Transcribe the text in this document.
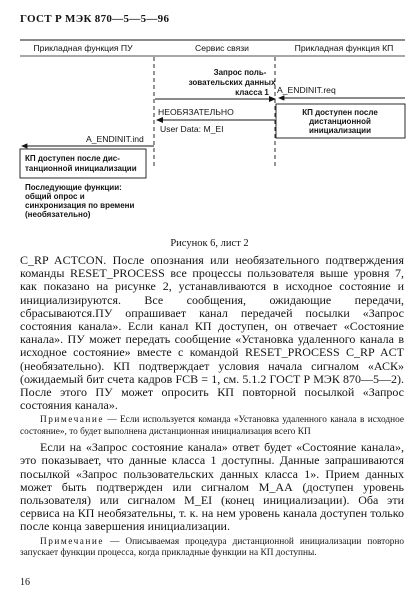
ГОСТ Р МЭК 870—5—5—96
Прикладная функция ПУ	Сервис связи	Прикладная функция КП
Запрос поль-
зовательских данных
класса 1 A_ENDINIT.req
КП доступен после
дистанционной
инициализации
НЕОБЯЗАТЕЛЬНО
User Data: M_EI
A_ENDINIT.ind
КП доступен после дис-
танционной инициализации
Последующие функции:
общий опрос и
синхронизация по времени
(необязательно)
Рисунок 6, лист 2

C_RP ACTCON. После опознания или необязательного подтверждения команды RESET_PROCESS все процессы пользователя выше уровня 7, как показано на рисунке 2, устанавливаются в исходное состояние и инициализируются. Все сообщения, ожидающие передачи, сбрасываются.ПУ опрашивает канал передачей посылки «Запрос состояния канала». Если канал КП доступен, он отвечает «Состояние канала». ПУ может передать сообщение «Установка удаленного канала в исходное состояние» вместе с командой RESET_PROCESS C_RP ACT (необязательно). КП подтверждает условия начала сигналом «АСК» (ожидаемый бит счета кадров FCB = 1, см. 5.1.2 ГОСТ Р МЭК 870—5—2). После этого ПУ может опросить КП повторной посылкой «Запрос состояния канала».

Примечание — Если используется команда «Установка удаленного канала в исходное состояние», то будет выполнена дистанционная инициализация всего КП

Если на «Запрос состояние канала» ответ будет «Состояние канала», это показывает, что данные класса 1 доступны. Данные запрашиваются посылкой «Запрос пользовательских данных класса 1». Прием данных может быть подтвержден или сигналом М_АА (доступен уровень пользователя) или сигналом M_EI (конец инициализации). Оба эти сервиса на КП необязательны, т. к. на нем уровень канала доступен только после конца завершения инициализации.

Примечание — Описываемая процедура дистанционной инициализации повторно запускает функции процесса, когда прикладные функции на КП доступны.

16
